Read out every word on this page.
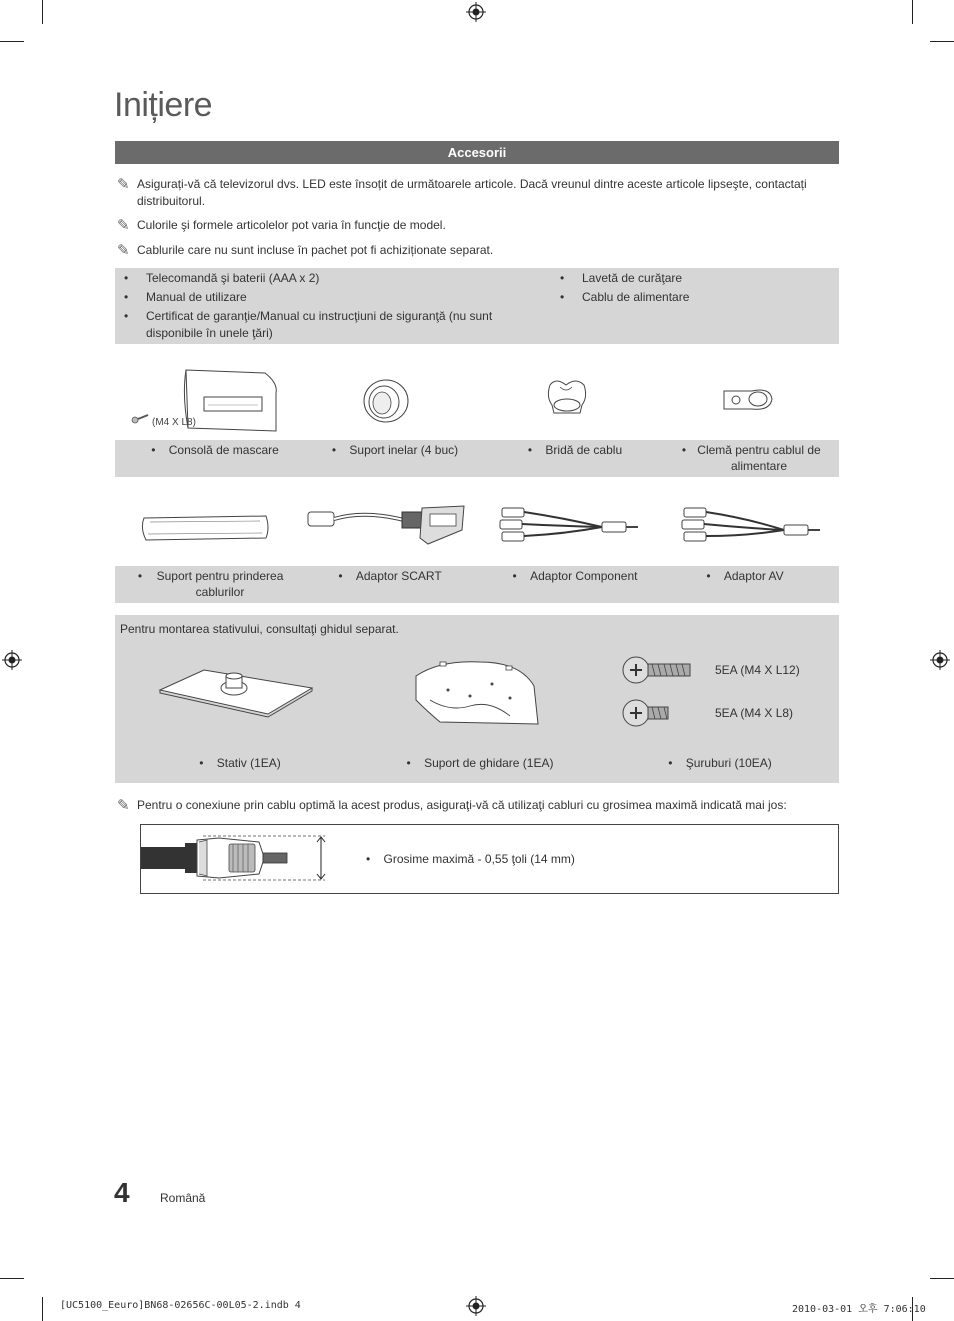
Inițiere
Accesorii
✎ Asigurați-vă că televizorul dvs. LED este însoțit de următoarele articole. Dacă vreunul dintre aceste articole lipseşte, contactați distribuitorul.
✎ Culorile şi formele articolelor pot varia în funcţie de model.
✎ Cablurile care nu sunt incluse în pachet pot fi achiziționate separat.
• Telecomandă şi baterii (AAA x 2)
• Manual de utilizare
•	Certificat de garanţie/Manual cu instrucţiuni de siguranţă (nu sunt disponibile în unele ţări)
• Lavetă de curăţare
• Cablu de alimentare
(M4 X L8)
•    Consolă de mascare	•    Suport inelar (4 buc)	•    Bridă de cablu	• Clemă pentru cablul de alimentare
•	Suport pentru prinderea cablurilor
•    Adaptor SCART	•    Adaptor Component	•    Adaptor AV
Pentru montarea stativului, consultaţi ghidul separat.
5EA (M4 X L12)
5EA (M4 X L8)
•    Stativ (1EA)	•    Suport de ghidare (1EA)	•    Şuruburi (10EA)
✎ Pentru o conexiune prin cablu optimă la acest produs, asiguraţi-vă că utilizaţi cabluri cu grosimea maximă indicată mai jos:
•    Grosime maximă - 0,55 ţoli (14 mm)
4	Română
[UC5100_Eeuro]BN68-02656C-00L05-2.indb 4	2010-03-01 오후 7:06:10
